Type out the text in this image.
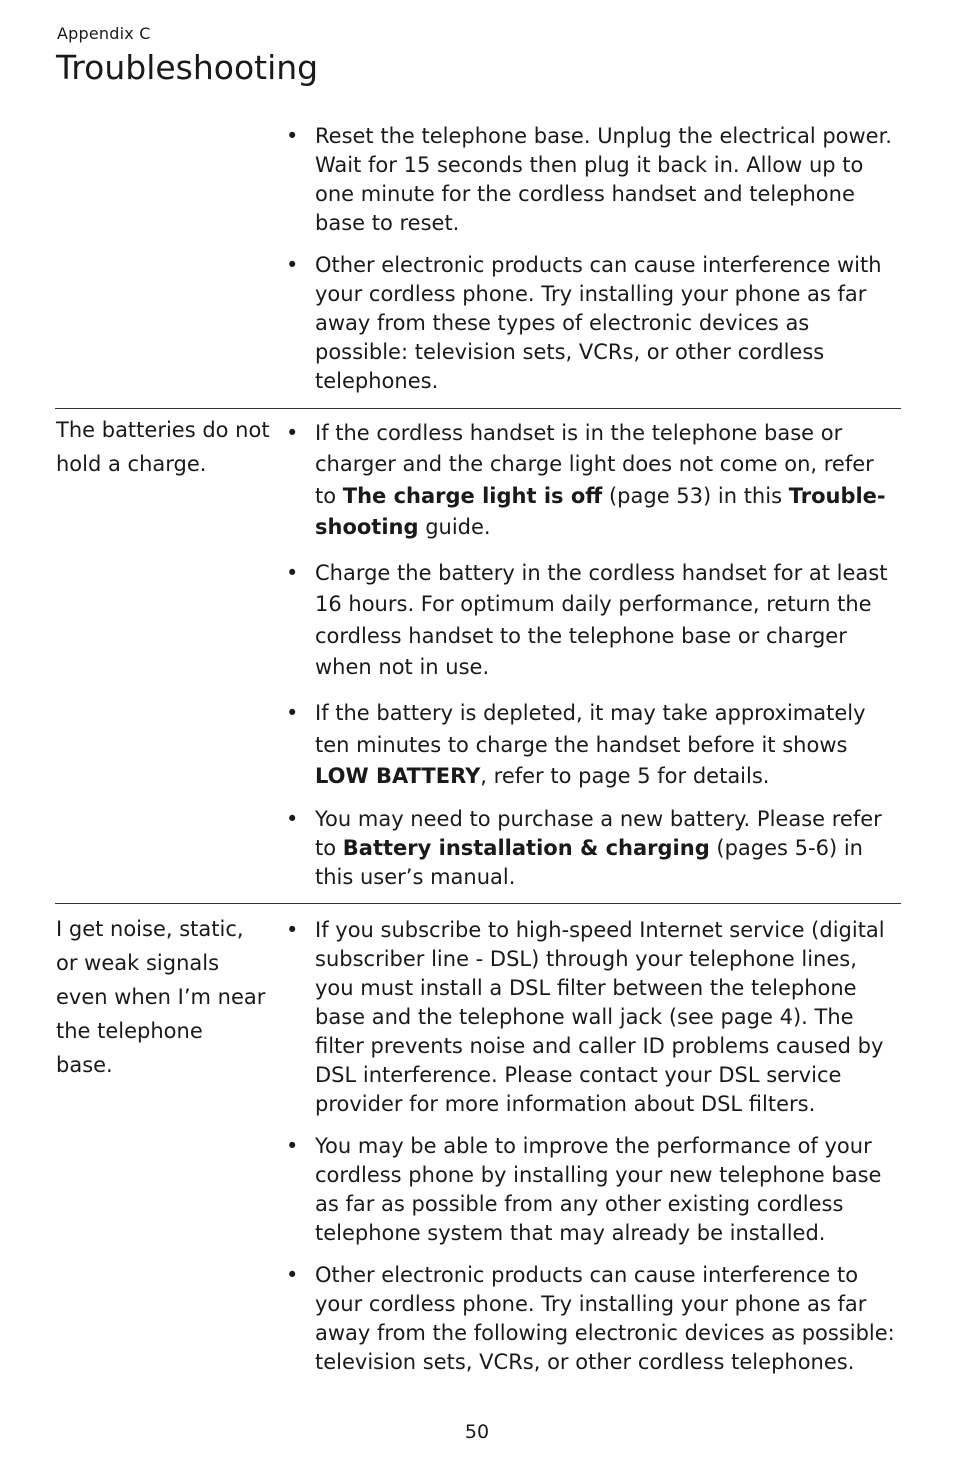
Appendix C
Troubleshooting
• Reset the telephone base. Unplug the electrical power. Wait for 15 seconds then plug it back in. Allow up to one minute for the cordless handset and telephone base to reset.
• Other electronic products can cause interference with your cordless phone. Try installing your phone as far away from these types of electronic devices as possible: television sets, VCRs, or other cordless telephones.
The batteries do not hold a charge.
• If the cordless handset is in the telephone base or charger and the charge light does not come on, refer to The charge light is off (page 53) in this Trouble- shooting guide.
• Charge the battery in the cordless handset for at least 16 hours. For optimum daily performance, return the cordless handset to the telephone base or charger when not in use.
• If the battery is depleted, it may take approximately ten minutes to charge the handset before it shows LOW BATTERY, refer to page 5 for details.
• You may need to purchase a new battery. Please refer to Battery installation & charging (pages 5-6) in this user’s manual.
I get noise, static, or weak signals even when I’m near the telephone base.
• If you subscribe to high-speed Internet service (digital subscriber line - DSL) through your telephone lines, you must install a DSL filter between the telephone base and the telephone wall jack (see page 4). The filter prevents noise and caller ID problems caused by DSL interference. Please contact your DSL service provider for more information about DSL filters.
• You may be able to improve the performance of your cordless phone by installing your new telephone base as far as possible from any other existing cordless telephone system that may already be installed.
• Other electronic products can cause interference to your cordless phone. Try installing your phone as far away from the following electronic devices as possible: television sets, VCRs, or other cordless telephones.
50
